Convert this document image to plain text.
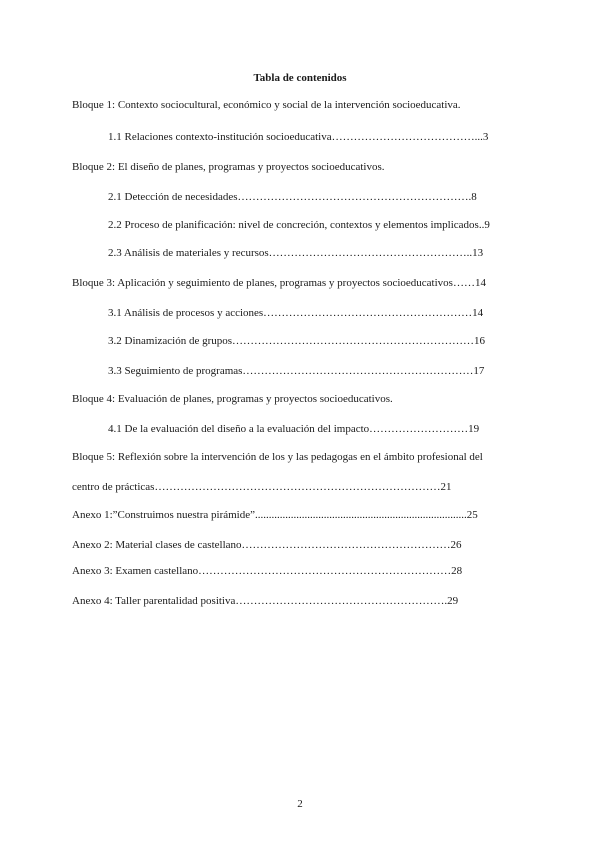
Tabla de contenidos
Bloque 1: Contexto sociocultural, económico y social de la intervención socioeducativa.
1.1 Relaciones contexto-institución socioeducativa…………………………………...3
Bloque 2: El diseño de planes, programas y proyectos socioeducativos.
2.1 Detección de necesidades……………………………………………………….8
2.2 Proceso de planificación: nivel de concreción, contextos y elementos implicados..9
2.3 Análisis de materiales y recursos………………………………………………..13
Bloque 3: Aplicación y seguimiento de planes, programas y proyectos socioeducativos……14
3.1 Análisis de procesos y acciones…………………………………………………14
3.2 Dinamización de grupos…………………………………………………………16
3.3 Seguimiento de programas………………………………………………………17
Bloque 4: Evaluación de planes, programas y proyectos socioeducativos.
4.1 De la evaluación del diseño a la evaluación del impacto………………………19
Bloque 5: Reflexión sobre la intervención de los y las pedagogas en el ámbito profesional del
centro de prácticas……………………………………………………………………21
Anexo 1:”Construimos nuestra pirámide”.............................................................................25
Anexo 2: Material clases de castellano…………………………………………………26
Anexo 3: Examen castellano……………………………………………………………28
Anexo 4: Taller parentalidad positiva………………………………………………….29
2
